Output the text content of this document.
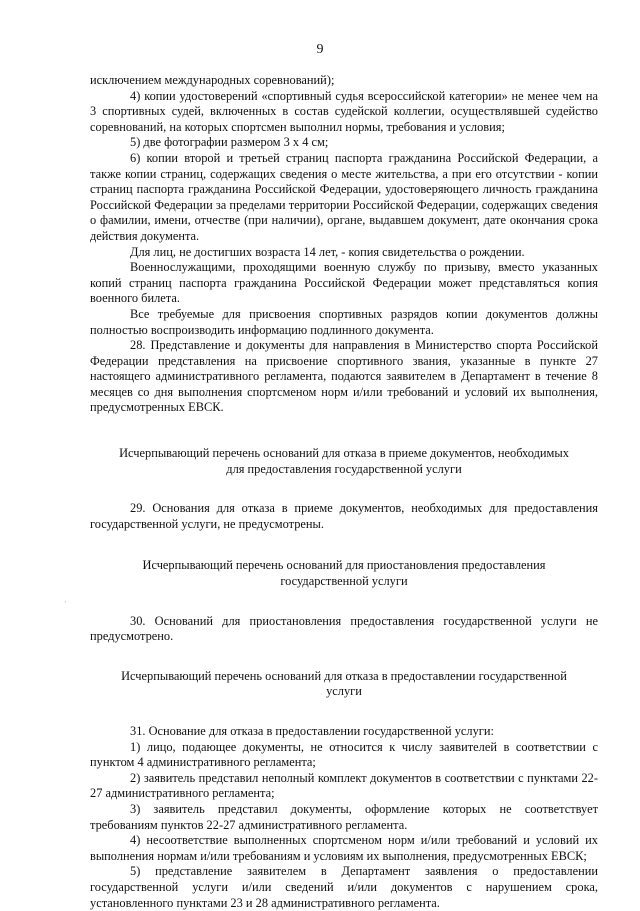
9

исключением международных соревнований);

4) копии удостоверений «спортивный судья всероссийской категории» не менее чем на 3 спортивных судей, включенных в состав судейской коллегии, осуществлявшей судейство соревнований, на которых спортсмен выполнил нормы, требования и условия;

5) две фотографии размером 3 х 4 см;

6) копии второй и третьей страниц паспорта гражданина Российской Федерации, а также копии страниц, содержащих сведения о месте жительства, а при его отсутствии - копии страниц паспорта гражданина Российской Федерации, удостоверяющего личность гражданина Российской Федерации за пределами территории Российской Федерации, содержащих сведения о фамилии, имени, отчестве (при наличии), органе, выдавшем документ, дате окончания срока действия документа.

Для лиц, не достигших возраста 14 лет, - копия свидетельства о рождении.

Военнослужащими, проходящими военную службу по призыву, вместо указанных копий страниц паспорта гражданина Российской Федерации может представляться копия военного билета.

Все требуемые для присвоения спортивных разрядов копии документов должны полностью воспроизводить информацию подлинного документа.

28. Представление и документы для направления в Министерство спорта Российской Федерации представления на присвоение спортивного звания, указанные в пункте 27 настоящего административного регламента, подаются заявителем в Департамент в течение 8 месяцев со дня выполнения спортсменом норм и/или требований и условий их выполнения, предусмотренных ЕВСК.

Исчерпывающий перечень оснований для отказа в приеме документов, необходимых для предоставления государственной услуги

29. Основания для отказа в приеме документов, необходимых для предоставления государственной услуги, не предусмотрены.

Исчерпывающий перечень оснований для приостановления предоставления государственной услуги

30. Оснований для приостановления предоставления государственной услуги не предусмотрено.

Исчерпывающий перечень оснований для отказа в предоставлении государственной услуги

31. Основание для отказа в предоставлении государственной услуги:

1) лицо, подающее документы, не относится к числу заявителей в соответствии с пунктом 4 административного регламента;

2) заявитель представил неполный комплект документов в соответствии с пунктами 22-27 административного регламента;

3) заявитель представил документы, оформление которых не соответствует требованиям пунктов 22-27 административного регламента.

4) несоответствие выполненных спортсменом норм и/или требований и условий их выполнения нормам и/или требованиям и условиям их выполнения, предусмотренных ЕВСК;

5) представление заявителем в Департамент заявления о предоставлении государственной услуги и/или сведений и/или документов с нарушением срока, установленного пунктами 23 и 28 административного регламента.

·
